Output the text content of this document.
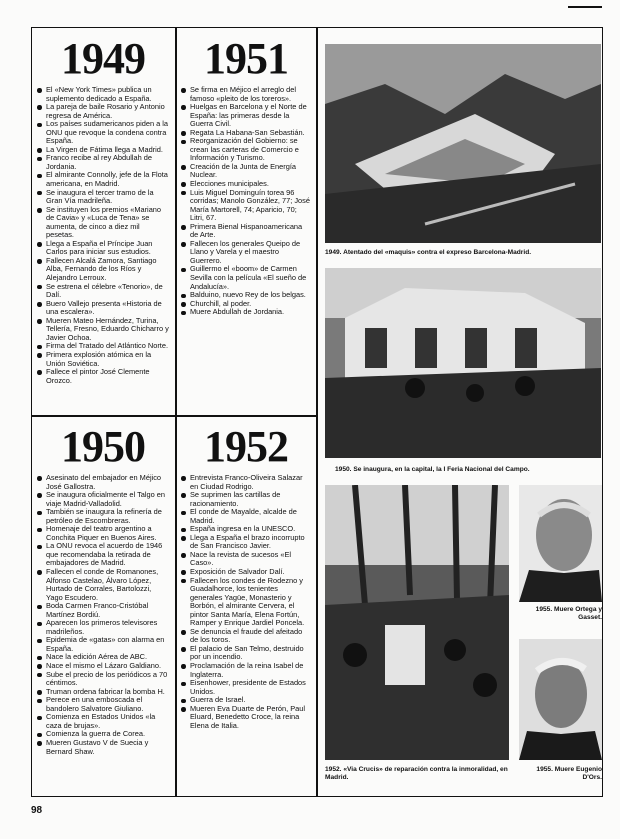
1949
El «New York Times» publica un suplemento dedicado a España.
La pareja de baile Rosario y Antonio regresa de América.
Los países sudamericanos piden a la ONU que revoque la condena contra España.
La Virgen de Fátima llega a Madrid.
Franco recibe al rey Abdullah de Jordania.
El almirante Connolly, jefe de la Flota americana, en Madrid.
Se inaugura el tercer tramo de la Gran Vía madrileña.
Se instituyen los premios «Mariano de Cavia» y «Luca de Tena» se aumenta, de cinco a diez mil pesetas.
Llega a España el Príncipe Juan Carlos para iniciar sus estudios.
Fallecen Alcalá Zamora, Santiago Alba, Fernando de los Ríos y Alejandro Lerroux.
Se estrena el célebre «Tenorio», de Dalí.
Buero Vallejo presenta «Historia de una escalera».
Mueren Mateo Hernández, Turina, Tellería, Fresno, Eduardo Chicharro y Javier Ochoa.
Firma del Tratado del Atlántico Norte.
Primera explosión atómica en la Unión Soviética.
Fallece el pintor José Clemente Orozco.
1951
Se firma en Méjico el arreglo del famoso «pleito de los toreros».
Huelgas en Barcelona y el Norte de España: las primeras desde la Guerra Civil.
Regata La Habana-San Sebastián.
Reorganización del Gobierno: se crean las carteras de Comercio e Información y Turismo.
Creación de la Junta de Energía Nuclear.
Elecciones municipales.
Luis Miguel Dominguín torea 96 corridas; Manolo González, 77; José María Martorell, 74; Aparicio, 70; Litri, 67.
Primera Bienal Hispanoamericana de Arte.
Fallecen los generales Queipo de Llano y Varela y el maestro Guerrero.
Guillermo el «boom» de Carmen Sevilla con la película «El sueño de Andalucía».
Balduino, nuevo Rey de los belgas.
Churchill, al poder.
Muere Abdullah de Jordania.
1950
Asesinato del embajador en Méjico José Gallostra.
Se inaugura oficialmente el Talgo en viaje Madrid-Valladolid.
También se inaugura la refinería de petróleo de Escombreras.
Homenaje del teatro argentino a Conchita Piquer en Buenos Aires.
La ONU revoca el acuerdo de 1946 que recomendaba la retirada de embajadores de Madrid.
Fallecen el conde de Romanones, Alfonso Castelao, Álvaro López, Hurtado de Corrales, Bartolozzi, Yago Escudero.
Boda Carmen Franco-Cristóbal Martínez Bordiú.
Aparecen los primeros televisores madrileños.
Epidemia de «gatas» con alarma en España.
Nace la edición Aérea de ABC.
Nace el mismo el Lázaro Galdiano.
Sube el precio de los periódicos a 70 céntimos.
Truman ordena fabricar la bomba H.
Perece en una emboscada el bandolero Salvatore Giuliano.
Comienza en Estados Unidos «la caza de brujas».
Comienza la guerra de Corea.
Mueren Gustavo V de Suecia y Bernard Shaw.
1952
Entrevista Franco-Oliveira Salazar en Ciudad Rodrigo.
Se suprimen las cartillas de racionamiento.
El conde de Mayalde, alcalde de Madrid.
España ingresa en la UNESCO.
Llega a España el brazo incorrupto de San Francisco Javier.
Nace la revista de sucesos «El Caso».
Exposición de Salvador Dalí.
Fallecen los condes de Rodezno y Guadalhorce, los tenientes generales Yagüe, Monasterio y Borbón, el almirante Cervera, el pintor Santa María, Elena Fortún, Ramper y Enrique Jardiel Poncela.
Se denuncia el fraude del afeitado de los toros.
El palacio de San Telmo, destruido por un incendio.
Proclamación de la reina Isabel de Inglaterra.
Eisenhower, presidente de Estados Unidos.
Guerra de Israel.
Mueren Eva Duarte de Perón, Paul Eluard, Benedetto Croce, la reina Elena de Italia.
1949. Atentado del «maquis» contra el expreso Barcelona-Madrid.
1950. Se inaugura, en la capital, la I Feria Nacional del Campo.
1952. «Via Crucis» de reparación contra la inmoralidad, en Madrid.
1955. Muere Ortega y Gasset.
1955. Muere Eugenio D'Ors.
98
